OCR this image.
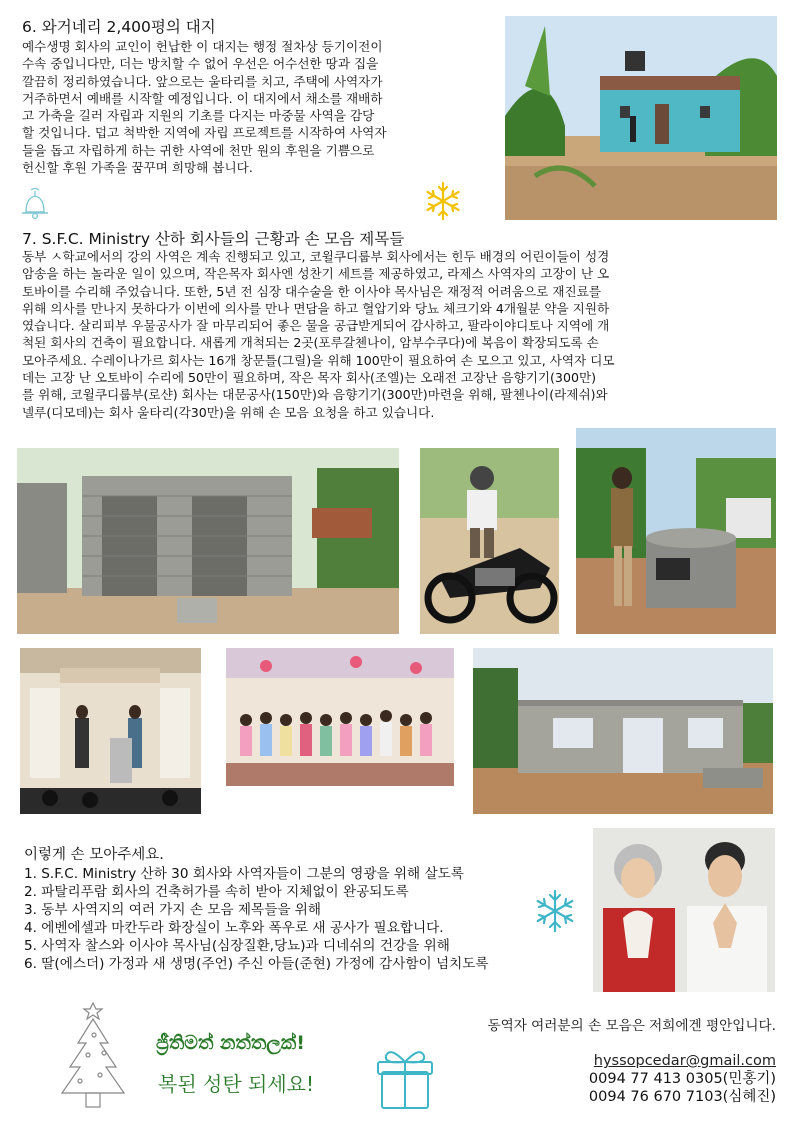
6. 와거네리 2,400평의 대지
예수생명 회사의 교인이 헌납한 이 대지는 행정 절차상 등기이전이
수속 중입니다만, 더는 방치할 수 없어 우선은 어수선한 땅과 집을
깔끔히 정리하였습니다. 앞으로는 울타리를 치고, 주택에 사역자가
거주하면서 예배를 시작할 예정입니다. 이 대지에서 채소를 재배하
고 가축을 길러 자립과 지원의 기초를 다지는 마중물 사역을 감당
할 것입니다. 덥고 척박한 지역에 자립 프로젝트를 시작하여 사역자
들을 돕고 자립하게 하는 귀한 사역에 천만 원의 후원을 기쁨으로
헌신할 후원 가족을 꿈꾸며 희망해 봅니다.
7. S.F.C. Ministry 산하 회사들의 근황과 손 모음 제목들
동부 ㅅ학교에서의 강의 사역은 계속 진행되고 있고, 코윌쿠디룹부 회사에서는 힌두 배경의 어린이들이 성경
암송을 하는 놀라운 일이 있으며, 작은목자 회사엔 성찬기 세트를 제공하였고, 라제스 사역자의 고장이 난 오
토바이를 수리해 주었습니다. 또한, 5년 전 심장 대수술을 한 이사야 목사님은 재정적 어려움으로 재진료를
위해 의사를 만나지 못하다가 이번에 의사를 만나 면담을 하고 혈압기와 당뇨 체크기와 4개월분 약을 지원하
였습니다. 살리피부 우물공사가 잘 마무리되어 좋은 물을 공급받게되어 감사하고, 팔라이야디토나 지역에 개
척된 회사의 건축이 필요합니다. 새롭게 개척되는 2곳(포루갈첸나이, 암부수쿠다)에 복음이 확장되도록 손
모아주세요. 수레이나가르 회사는 16개 창문틀(그릴)을 위해 100만이 필요하여 손 모으고 있고, 사역자 디모
데는 고장 난 오토바이 수리에 50만이 필요하며, 작은 목자 회사(조엘)는 오래전 고장난 음향기기(300만)
를 위해, 코윌쿠디룹부(로샨) 회사는 대문공사(150만)와 음향기기(300만)마련을 위해, 팔첸나이(라제쉬)와
넬루(디모데)는 회사 울타리(각30만)을 위해 손 모음 요청을 하고 있습니다.
이렇게 손 모아주세요.
1. S.F.C. Ministry 산하 30 회사와 사역자들이 그분의 영광을 위해 살도록
2. 파탈리푸람 회사의 건축허가를 속히 받아 지체없이 완공되도록
3. 동부 사역지의 여러 가지 손 모음 제목들을 위해
4. 에벤에셀과 마칸두라 화장실이 노후와 폭우로 새 공사가 필요합니다.
5. 사역자 찰스와 이사야 목사님(심장질환,당뇨)과 디네쉬의 건강을 위해
6. 딸(에스더) 가정과 새 생명(주언) 주신 아들(준현) 가정에 감사함이 넘치도록
동역자 여러분의 손 모음은 저희에겐 평안입니다.
ජ්‍රීතිමත් නත්තලක්!
복된 성탄 되세요!
hyssopcedar@gmail.com
0094 77 413 0305(민홍기)
0094 76 670 7103(심혜진)
